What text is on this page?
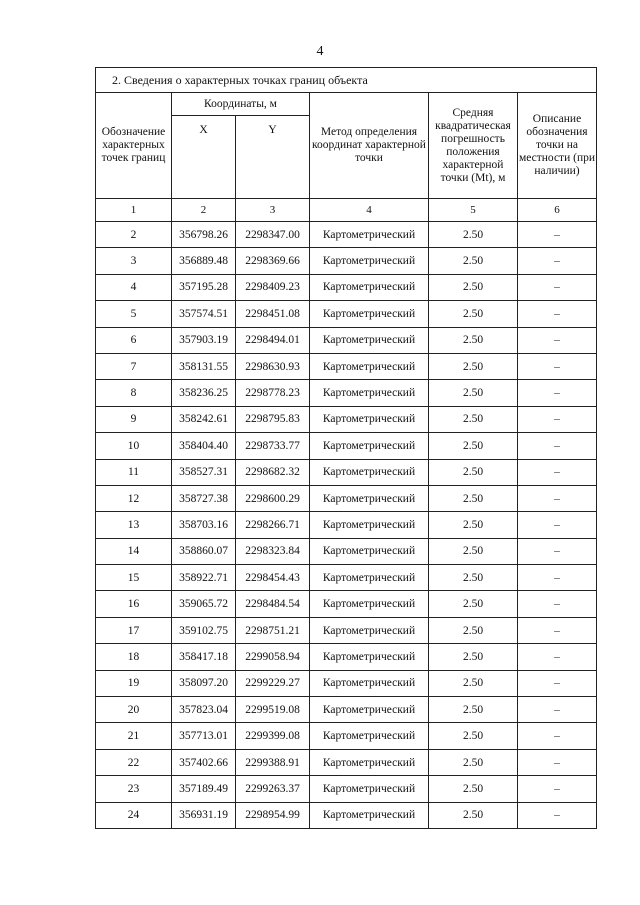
4
2. Сведения о характерных точках границ объекта					
Обозначение характерных точек границ	Координаты, м		Метод определения координат характерной точки	Средняя квадратическая погрешность положения характерной точки (Mt), м	Описание обозначения точки на местности (при наличии)
	X	Y			
1	2	3	4	5	6
2	356798.26	2298347.00	Картометрический	2.50	–
3	356889.48	2298369.66	Картометрический	2.50	–
4	357195.28	2298409.23	Картометрический	2.50	–
5	357574.51	2298451.08	Картометрический	2.50	–
6	357903.19	2298494.01	Картометрический	2.50	–
7	358131.55	2298630.93	Картометрический	2.50	–
8	358236.25	2298778.23	Картометрический	2.50	–
9	358242.61	2298795.83	Картометрический	2.50	–
10	358404.40	2298733.77	Картометрический	2.50	–
11	358527.31	2298682.32	Картометрический	2.50	–
12	358727.38	2298600.29	Картометрический	2.50	–
13	358703.16	2298266.71	Картометрический	2.50	–
14	358860.07	2298323.84	Картометрический	2.50	–
15	358922.71	2298454.43	Картометрический	2.50	–
16	359065.72	2298484.54	Картометрический	2.50	–
17	359102.75	2298751.21	Картометрический	2.50	–
18	358417.18	2299058.94	Картометрический	2.50	–
19	358097.20	2299229.27	Картометрический	2.50	–
20	357823.04	2299519.08	Картометрический	2.50	–
21	357713.01	2299399.08	Картометрический	2.50	–
22	357402.66	2299388.91	Картометрический	2.50	–
23	357189.49	2299263.37	Картометрический	2.50	–
24	356931.19	2298954.99	Картометрический	2.50	–
